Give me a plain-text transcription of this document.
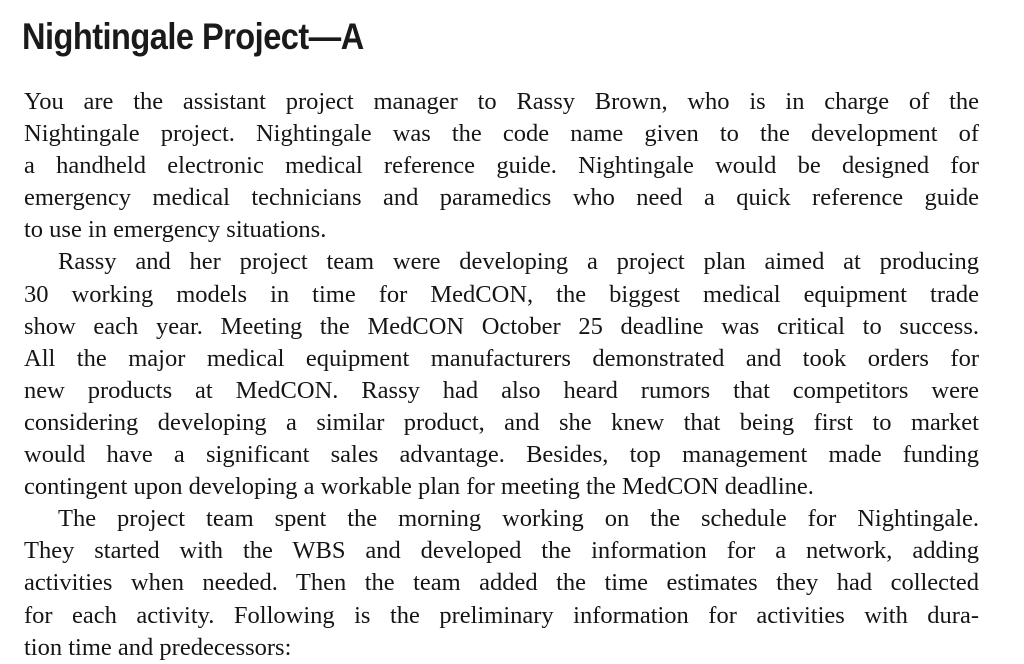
Nightingale Project—A
You are the assistant project manager to Rassy Brown, who is in charge of the
Nightingale project. Nightingale was the code name given to the development of
a handheld electronic medical reference guide. Nightingale would be designed for
emergency medical technicians and paramedics who need a quick reference guide
to use in emergency situations.
Rassy and her project team were developing a project plan aimed at producing
30 working models in time for MedCON, the biggest medical equipment trade
show each year. Meeting the MedCON October 25 deadline was critical to success.
All the major medical equipment manufacturers demonstrated and took orders for
new products at MedCON. Rassy had also heard rumors that competitors were
considering developing a similar product, and she knew that being first to market
would have a significant sales advantage. Besides, top management made funding
contingent upon developing a workable plan for meeting the MedCON deadline.
The project team spent the morning working on the schedule for Nightingale.
They started with the WBS and developed the information for a network, adding
activities when needed. Then the team added the time estimates they had collected
for each activity. Following is the preliminary information for activities with dura-
tion time and predecessors:
